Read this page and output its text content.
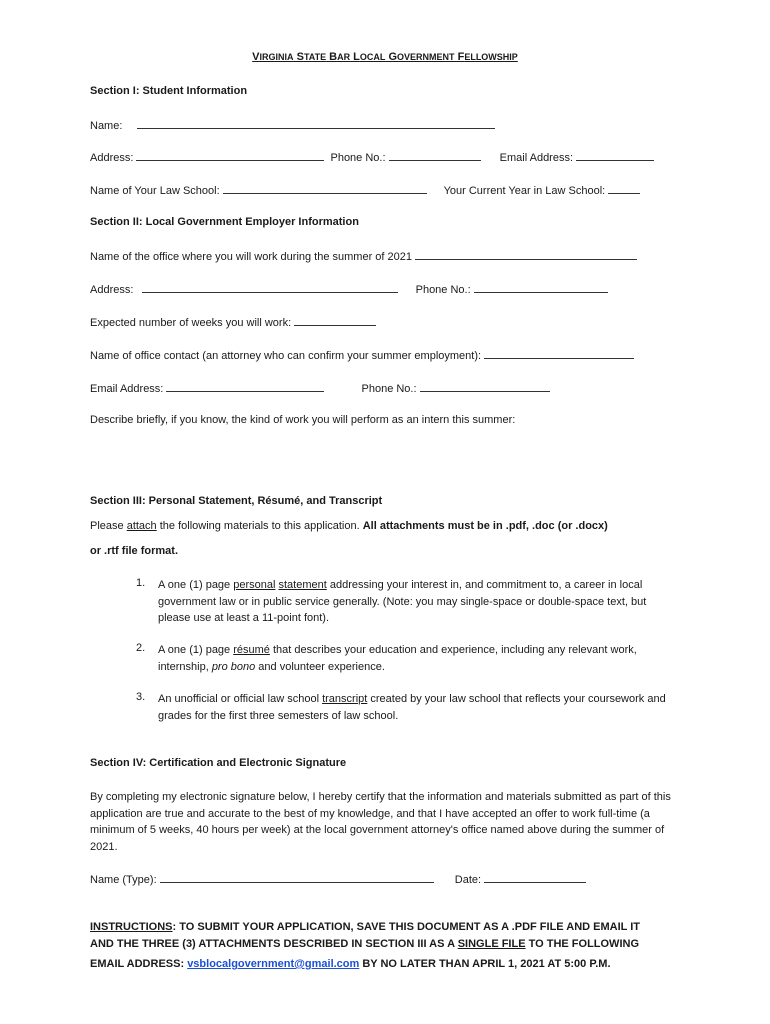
VIRGINIA STATE BAR LOCAL GOVERNMENT FELLOWSHIP
Section I: Student Information
Name:
Address:	Phone No.:	Email Address:
Name of Your Law School:	Your Current Year in Law School:
Section II: Local Government Employer Information
Name of the office where you will work during the summer of 2021
Address:	Phone No.:
Expected number of weeks you will work:
Name of office contact (an attorney who can confirm your summer employment):
Email Address:	Phone No.:
Describe briefly, if you know, the kind of work you will perform as an intern this summer:
Section III: Personal Statement, Résumé, and Transcript
Please attach the following materials to this application. All attachments must be in .pdf, .doc (or .docx)
or .rtf file format.
1. A one (1) page personal statement addressing your interest in, and commitment to, a career in local government law or in public service generally. (Note: you may single-space or double-space text, but please use at least a 11-point font).
2. A one (1) page résumé that describes your education and experience, including any relevant work, internship, pro bono and volunteer experience.
3. An unofficial or official law school transcript created by your law school that reflects your coursework and grades for the first three semesters of law school.
Section IV: Certification and Electronic Signature
By completing my electronic signature below, I hereby certify that the information and materials submitted as part of this application are true and accurate to the best of my knowledge, and that I have accepted an offer to work full-time (a minimum of 5 weeks, 40 hours per week) at the local government attorney's office named above during the summer of 2021.
Name (Type):	Date:
INSTRUCTIONS: TO SUBMIT YOUR APPLICATION, SAVE THIS DOCUMENT AS A .PDF FILE AND EMAIL IT
AND THE THREE (3) ATTACHMENTS DESCRIBED IN SECTION III AS A SINGLE FILE TO THE FOLLOWING
EMAIL ADDRESS: vsblocalgovernment@gmail.com BY NO LATER THAN APRIL 1, 2021 AT 5:00 P.M.
